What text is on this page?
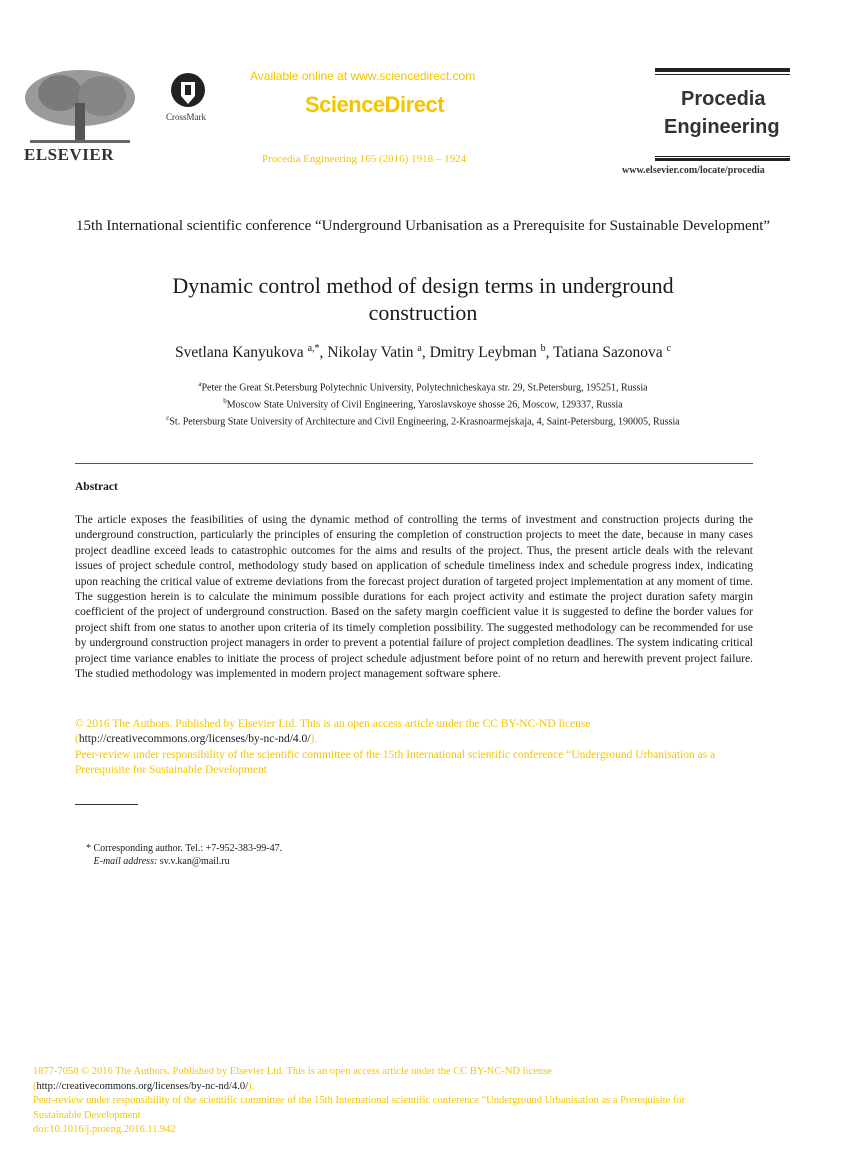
ELSEVIER
CrossMark
Available online at www.sciencedirect.com
ScienceDirect
Procedia Engineering 165 (2016) 1918 – 1924
Procedia
Engineering
www.elsevier.com/locate/procedia
15th International scientific conference “Underground Urbanisation as a Prerequisite for Sustainable Development”
Dynamic control method of design terms in underground
construction
Svetlana Kanyukova $^{a,*}$, Nikolay Vatin $^a$, Dmitry Leybman $^b$, Tatiana Sazonova $^c$
$^a$Peter the Great St.Petersburg Polytechnic University, Polytechnicheskaya str. 29, St.Petersburg, 195251, Russia
$^b$Moscow State University of Civil Engineering, Yaroslavskoye shosse 26, Moscow, 129337, Russia
$^c$St. Petersburg State University of Architecture and Civil Engineering, 2-Krasnoarmejskaja, 4, Saint-Petersburg, 190005, Russia
Abstract
The article exposes the feasibilities of using the dynamic method of controlling the terms of investment and construction projects during the underground construction, particularly the principles of ensuring the completion of construction projects to meet the date, because in many cases project deadline exceed leads to catastrophic outcomes for the aims and results of the project. Thus, the present article deals with the relevant issues of project schedule control, methodology study based on application of schedule timeliness index and schedule progress index, indicating upon reaching the critical value of extreme deviations from the forecast project duration of targeted project implementation at any moment of time. The suggestion herein is to calculate the minimum possible durations for each project activity and estimate the project duration safety margin coefficient of the project of underground construction. Based on the safety margin coefficient value it is suggested to define the border values for project shift from one status to another upon criteria of its timely completion possibility. The suggested methodology can be recommended for use by underground construction project managers in order to prevent a potential failure of project completion deadlines. The system indicating critical project time variance enables to initiate the process of project schedule adjustment before point of no return and herewith prevent project failure. The studied methodology was implemented in modern project management software sphere.
© 2016 The Authors. Published by Elsevier Ltd. This is an open access article under the CC BY-NC-ND license
(http://creativecommons.org/licenses/by-nc-nd/4.0/).
Peer-review under responsibility of the scientific committee of the 15th International scientific conference “Underground Urbanisation as a Prerequisite for Sustainable Development
* Corresponding author. Tel.: +7-952-383-99-47.
E-mail address: sv.v.kan@mail.ru
1877-7058 © 2016 The Authors. Published by Elsevier Ltd. This is an open access article under the CC BY-NC-ND license
(http://creativecommons.org/licenses/by-nc-nd/4.0/).
Peer-review under responsibility of the scientific committee of the 15th International scientific conference “Underground Urbanisation as a Prerequisite for Sustainable Development
doi:10.1016/j.proeng.2016.11.942
